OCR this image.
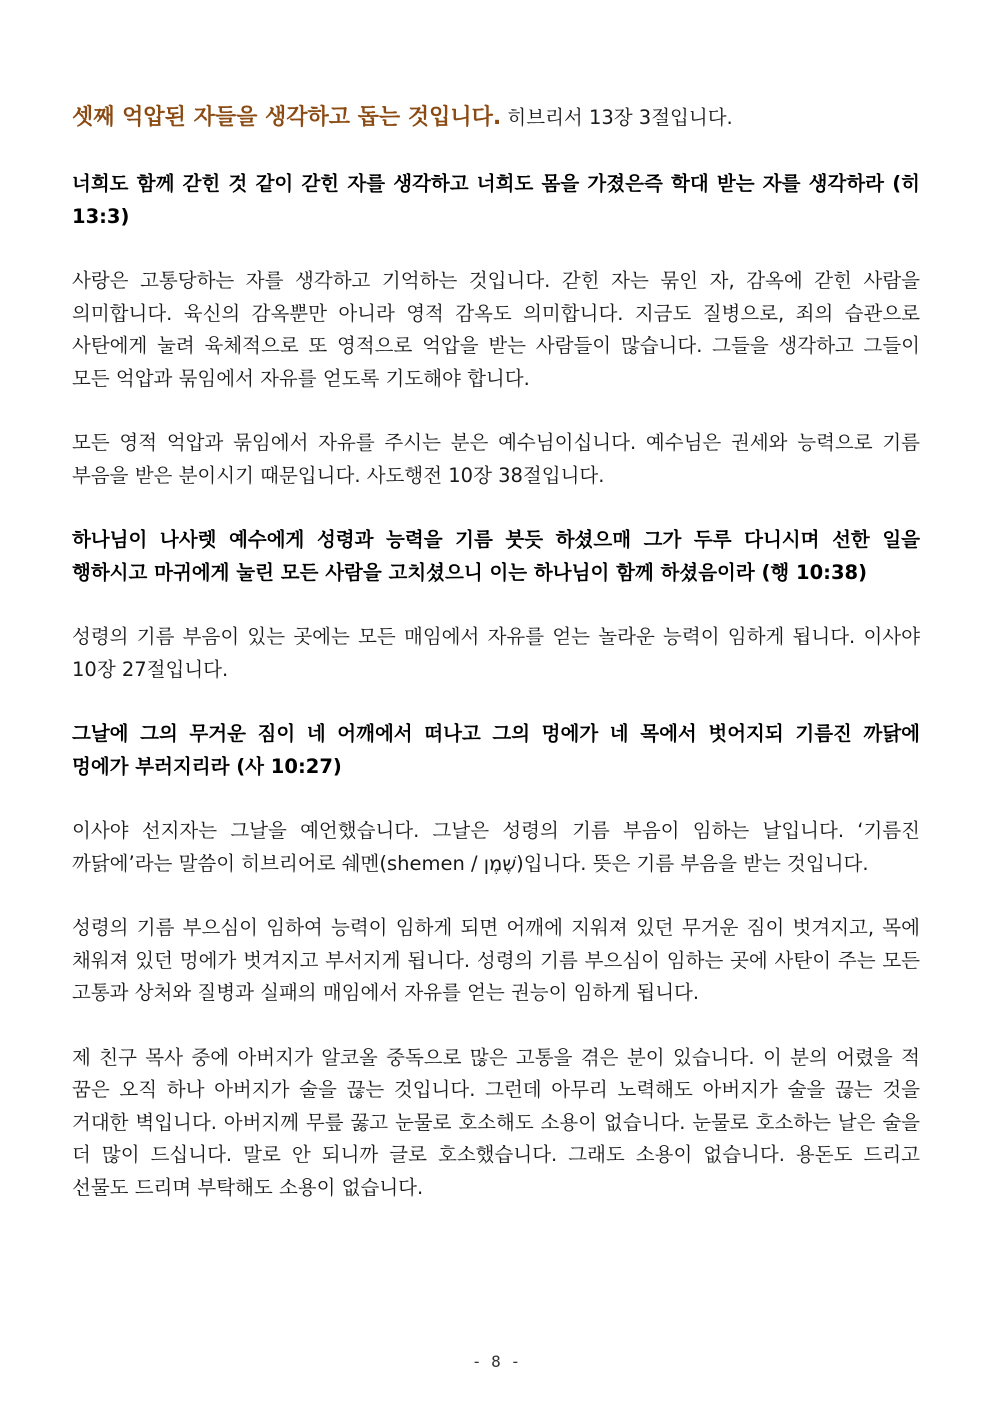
셋째 억압된 자들을 생각하고 돕는 것입니다. 히브리서 13장 3절입니다.

너희도 함께 갇힌 것 같이 갇힌 자를 생각하고 너희도 몸을 가졌은즉 학대 받는 자를 생각하라 (히 13:3)

사랑은 고통당하는 자를 생각하고 기억하는 것입니다. 갇힌 자는 묶인 자, 감옥에 갇힌 사람을 의미합니다. 육신의 감옥뿐만 아니라 영적 감옥도 의미합니다. 지금도 질병으로, 죄의 습관으로 사탄에게 눌려 육체적으로 또 영적으로 억압을 받는 사람들이 많습니다. 그들을 생각하고 그들이 모든 억압과 묶임에서 자유를 얻도록 기도해야 합니다.

모든 영적 억압과 묶임에서 자유를 주시는 분은 예수님이십니다. 예수님은 권세와 능력으로 기름 부음을 받은 분이시기 때문입니다. 사도행전 10장 38절입니다.

하나님이 나사렛 예수에게 성령과 능력을 기름 붓듯 하셨으매 그가 두루 다니시며 선한 일을 행하시고 마귀에게 눌린 모든 사람을 고치셨으니 이는 하나님이 함께 하셨음이라 (행 10:38)

성령의 기름 부음이 있는 곳에는 모든 매임에서 자유를 얻는 놀라운 능력이 임하게 됩니다. 이사야 10장 27절입니다.

그날에 그의 무거운 짐이 네 어깨에서 떠나고 그의 멍에가 네 목에서 벗어지되 기름진 까닭에 멍에가 부러지리라 (사 10:27)

이사야 선지자는 그날을 예언했습니다. 그날은 성령의 기름 부음이 임하는 날입니다. ‘기름진 까닭에’라는 말씀이 히브리어로 쉐멘(shemen / שֶׁמֶן)입니다. 뜻은 기름 부음을 받는 것입니다.

성령의 기름 부으심이 임하여 능력이 임하게 되면 어깨에 지워져 있던 무거운 짐이 벗겨지고, 목에 채워져 있던 멍에가 벗겨지고 부서지게 됩니다. 성령의 기름 부으심이 임하는 곳에 사탄이 주는 모든 고통과 상처와 질병과 실패의 매임에서 자유를 얻는 권능이 임하게 됩니다.

제 친구 목사 중에 아버지가 알코올 중독으로 많은 고통을 겪은 분이 있습니다. 이 분의 어렸을 적 꿈은 오직 하나 아버지가 술을 끊는 것입니다. 그런데 아무리 노력해도 아버지가 술을 끊는 것을 거대한 벽입니다. 아버지께 무릎 꿇고 눈물로 호소해도 소용이 없습니다. 눈물로 호소하는 날은 술을 더 많이 드십니다. 말로 안 되니까 글로 호소했습니다. 그래도 소용이 없습니다. 용돈도 드리고 선물도 드리며 부탁해도 소용이 없습니다.

- 8 -
